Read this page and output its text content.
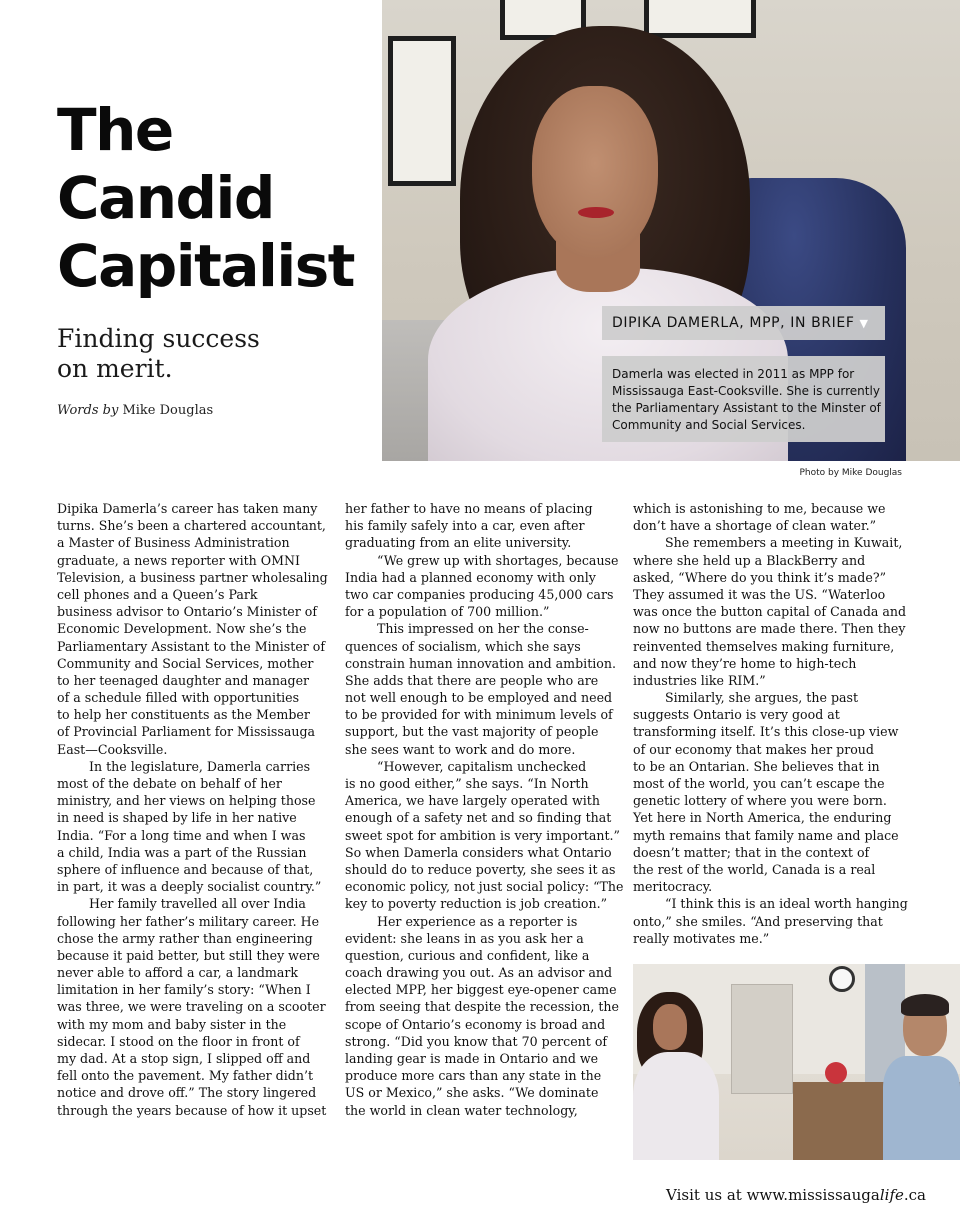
The
Candid
Capitalist
Finding success
on merit.
Words by Mike Douglas
DIPIKA DAMERLA, MPP, IN BRIEF ▼
Damerla was elected in 2011 as MPP for
Mississauga East-Cooksville. She is currently
the Parliamentary Assistant to the Minster of
Community and Social Services.
Photo by Mike Douglas
Dipika Damerla’s career has taken many
turns. She’s been a chartered accountant,
a Master of Business Administration
graduate, a news reporter with OMNI
Television, a business partner wholesaling
cell phones and a Queen’s Park
business advisor to Ontario’s Minister of
Economic Development. Now she’s the
Parliamentary Assistant to the Minister of
Community and Social Services, mother
to her teenaged daughter and manager
of a schedule filled with opportunities
to help her constituents as the Member
of Provincial Parliament for Mississauga
East—Cooksville.
In the legislature, Damerla carries
most of the debate on behalf of her
ministry, and her views on helping those
in need is shaped by life in her native
India. “For a long time and when I was
a child, India was a part of the Russian
sphere of influence and because of that,
in part, it was a deeply socialist country.”
Her family travelled all over India
following her father’s military career. He
chose the army rather than engineering
because it paid better, but still they were
never able to afford a car, a landmark
limitation in her family’s story: “When I
was three, we were traveling on a scooter
with my mom and baby sister in the
sidecar. I stood on the floor in front of
my dad. At a stop sign, I slipped off and
fell onto the pavement. My father didn’t
notice and drove off.” The story lingered
through the years because of how it upset
her father to have no means of placing
his family safely into a car, even after
graduating from an elite university.
“We grew up with shortages, because
India had a planned economy with only
two car companies producing 45,000 cars
for a population of 700 million.”
This impressed on her the conse-
quences of socialism, which she says
constrain human innovation and ambition.
She adds that there are people who are
not well enough to be employed and need
to be provided for with minimum levels of
support, but the vast majority of people
she sees want to work and do more.
“However, capitalism unchecked
is no good either,” she says. “In North
America, we have largely operated with
enough of a safety net and so finding that
sweet spot for ambition is very important.”
So when Damerla considers what Ontario
should do to reduce poverty, she sees it as
economic policy, not just social policy: “The
key to poverty reduction is job creation.”
Her experience as a reporter is
evident: she leans in as you ask her a
question, curious and confident, like a
coach drawing you out. As an advisor and
elected MPP, her biggest eye-opener came
from seeing that despite the recession, the
scope of Ontario’s economy is broad and
strong. “Did you know that 70 percent of
landing gear is made in Ontario and we
produce more cars than any state in the
US or Mexico,” she asks. “We dominate
the world in clean water technology,
which is astonishing to me, because we
don’t have a shortage of clean water.”
She remembers a meeting in Kuwait,
where she held up a BlackBerry and
asked, “Where do you think it’s made?”
They assumed it was the US. “Waterloo
was once the button capital of Canada and
now no buttons are made there. Then they
reinvented themselves making furniture,
and now they’re home to high-tech
industries like RIM.”
Similarly, she argues, the past
suggests Ontario is very good at
transforming itself. It’s this close-up view
of our economy that makes her proud
to be an Ontarian. She believes that in
most of the world, you can’t escape the
genetic lottery of where you were born.
Yet here in North America, the enduring
myth remains that family name and place
doesn’t matter; that in the context of
the rest of the world, Canada is a real
meritocracy.
“I think this is an ideal worth hanging
onto,” she smiles. “And preserving that
really motivates me.”
Visit us at www.mississaugalife.ca
